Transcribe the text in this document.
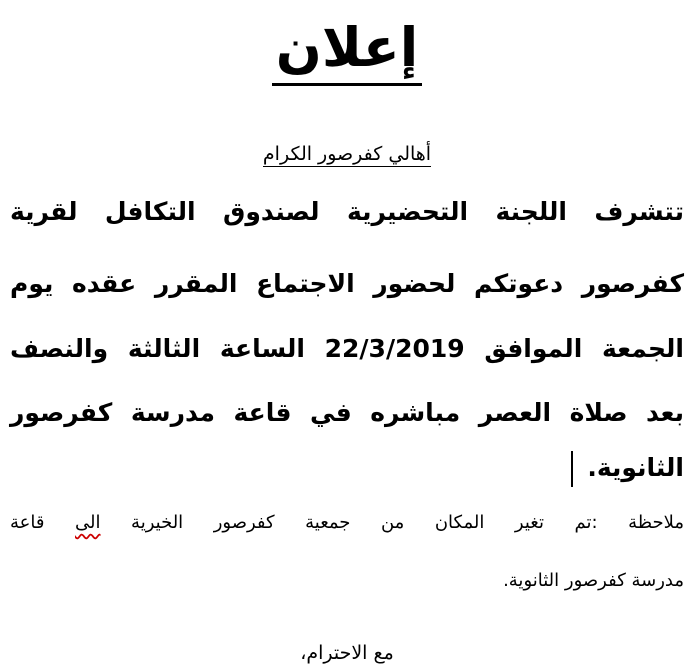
إعلان
أهالي كفرصور الكرام
تتشرف اللجنة التحضيرية لصندوق التكافل لقرية
كفرصور دعوتكم لحضور الاجتماع المقرر عقده يوم
الجمعة الموافق 22/3/2019 الساعة الثالثة والنصف
بعد صلاة العصر مباشره في قاعة مدرسة كفرصور
الثانوية.
ملاحظة :تم تغير المكان من جمعية كفرصور الخيرية الى قاعة
مدرسة كفرصور الثانوية.
مع الاحترام،
